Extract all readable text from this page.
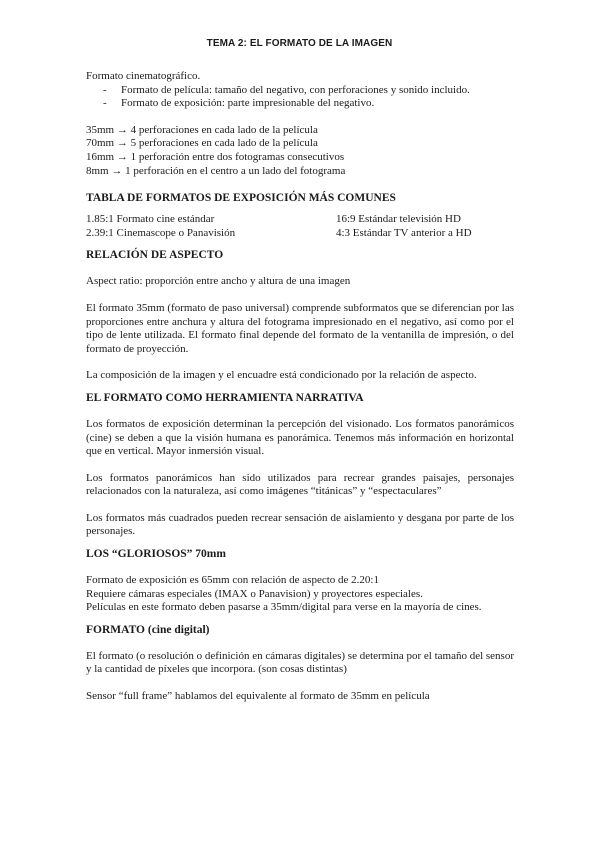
TEMA 2: EL FORMATO DE LA IMAGEN

Formato cinematográfico.

- Formato de película: tamaño del negativo, con perforaciones y sonido incluido.
- Formato de exposición: parte impresionable del negativo.

35mm → 4 perforaciones en cada lado de la película

70mm → 5 perforaciones en cada lado de la película

16mm → 1 perforación entre dos fotogramas consecutivos

8mm → 1 perforación en el centro a un lado del fotograma

TABLA DE FORMATOS DE EXPOSICIÓN MÁS COMUNES

1.85:1 Formato cine estándar	16:9 Estándar televisión HD
2.39:1 Cinemascope o Panavisión	4:3 Estándar TV anterior a HD

RELACIÓN DE ASPECTO

Aspect ratio: proporción entre ancho y altura de una imagen

El formato 35mm (formato de paso universal) comprende subformatos que se diferencian por las proporciones entre anchura y altura del fotograma impresionado en el negativo, así como por el tipo de lente utilizada. El formato final depende del formato de la ventanilla de impresión, o del formato de proyección.

La composición de la imagen y el encuadre está condicionado por la relación de aspecto.

EL FORMATO COMO HERRAMIENTA NARRATIVA

Los formatos de exposición determinan la percepción del visionado. Los formatos panorámicos (cine) se deben a que la visión humana es panorámica. Tenemos más información en horizontal que en vertical. Mayor inmersión visual.

Los formatos panorámicos han sido utilizados para recrear grandes paisajes, personajes relacionados con la naturaleza, así como imágenes “titánicas” y “espectaculares”

Los formatos más cuadrados pueden recrear sensación de aislamiento y desgana por parte de los personajes.

LOS “GLORIOSOS” 70mm

Formato de exposición es 65mm con relación de aspecto de 2.20:1

Requiere cámaras especiales (IMAX o Panavision) y proyectores especiales.

Películas en este formato deben pasarse a 35mm/digital para verse en la mayoría de cines.

FORMATO (cine digital)

El formato (o resolución o definición en cámaras digitales) se determina por el tamaño del sensor y la cantidad de píxeles que incorpora. (son cosas distintas)

Sensor “full frame” hablamos del equivalente al formato de 35mm en película
